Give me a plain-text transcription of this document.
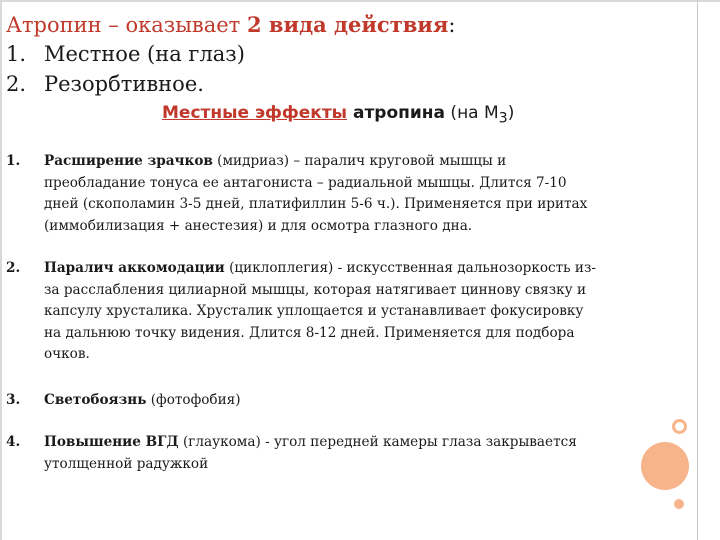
Атропин – оказывает 2 вида действия:
1. Местное (на глаз)
2. Резорбтивное.
Местные эффекты атропина (на $М_3$)
1.	Расширение зрачков (мидриаз) – паралич круговой мышцы и
преобладание тонуса ее антагониста – радиальной мышцы. Длится 7-10
дней (скополамин 3-5 дней, платифиллин 5-6 ч.). Применяется при иритах
(иммобилизация + анестезия) и для осмотра глазного дна.
2.	Паралич аккомодации (циклоплегия) - искусственная дальнозоркость из-
за расслабления цилиарной мышцы, которая натягивает циннову связку и
капсулу хрусталика. Хрусталик уплощается и устанавливает фокусировку
на дальнюю точку видения. Длится 8-12 дней. Применяется для подбора
очков.
3.	Светобоязнь (фотофобия)
4.	Повышение ВГД (глаукома) - угол передней камеры глаза закрывается
утолщенной радужкой
